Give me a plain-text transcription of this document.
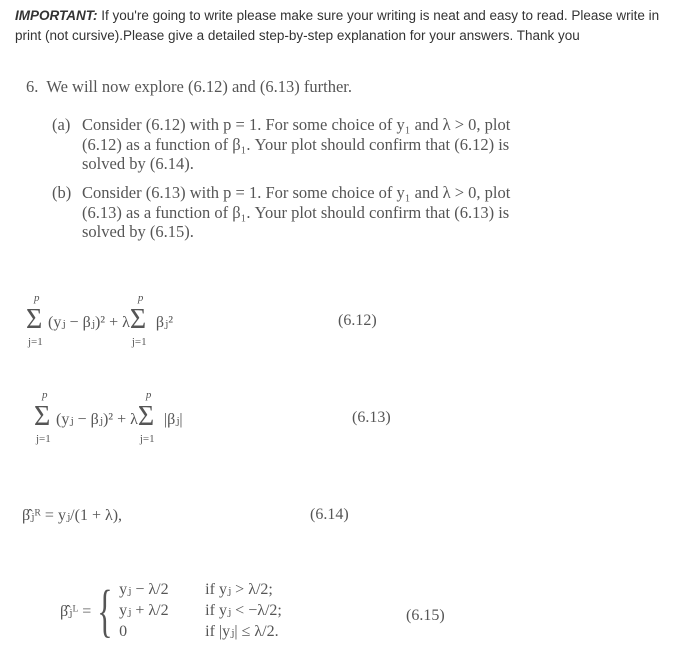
IMPORTANT: If you're going to write please make sure your writing is neat and easy to read. Please write in print (not cursive).Please give a detailed step-by-step explanation for your answers. Thank you
6. We will now explore (6.12) and (6.13) further.
(a) Consider (6.12) with p = 1. For some choice of y₁ and λ > 0, plot (6.12) as a function of β₁. Your plot should confirm that (6.12) is solved by (6.14).
(b) Consider (6.13) with p = 1. For some choice of y₁ and λ > 0, plot (6.13) as a function of β₁. Your plot should confirm that (6.13) is solved by (6.15).
p
Σ
j=1
(yⱼ − βⱼ)² + λ
p
Σ
j=1
βⱼ²	(6.12)
p
Σ
j=1
(yⱼ − βⱼ)² + λ
p
Σ
j=1
|βⱼ|	(6.13)
β̂ⱼᴿ = yⱼ/(1 + λ),	(6.14)
β̂ⱼᴸ = { yⱼ − λ/2	if yⱼ > λ/2;
yⱼ + λ/2	if yⱼ < −λ/2;
0	if |yⱼ| ≤ λ/2.
(6.15)
